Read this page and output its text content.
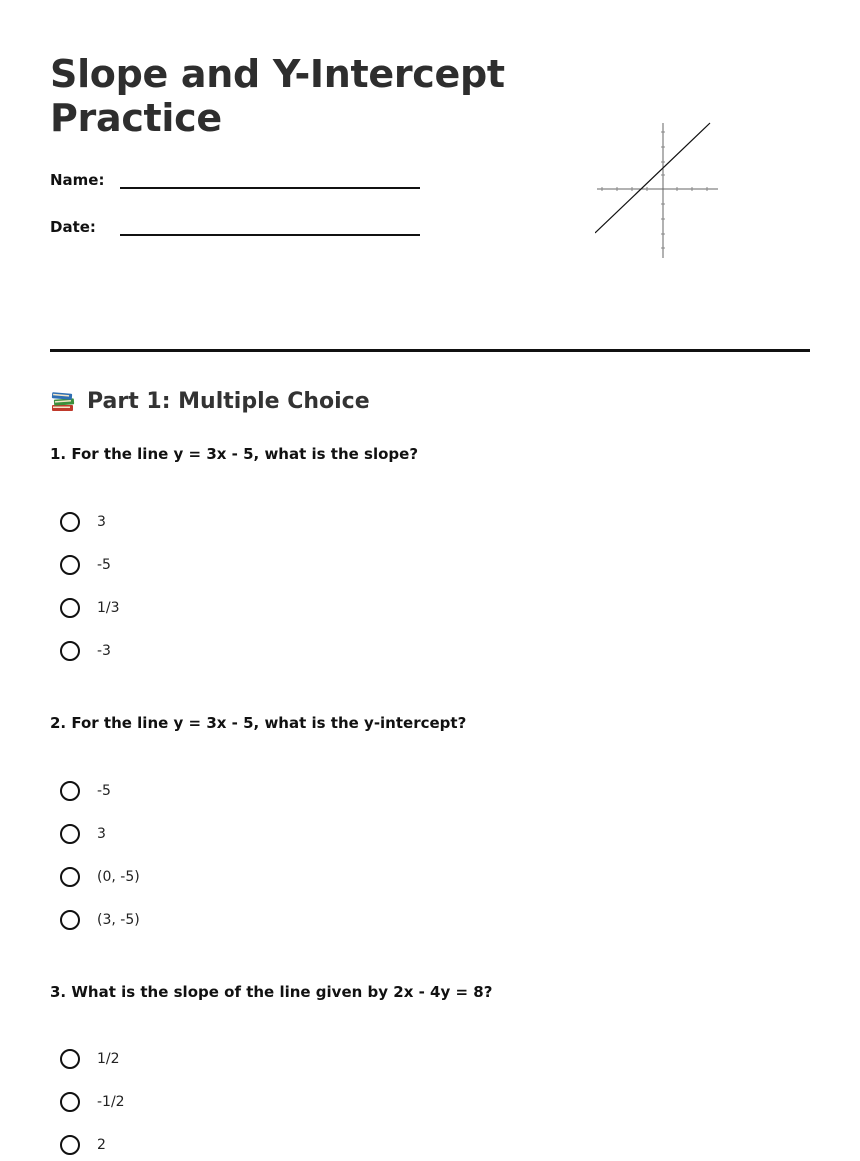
Slope and Y-Intercept
Practice
Name:
Date:
Part 1: Multiple Choice

1. For the line y = 3x - 5, what is the slope?

3
-5
1/3
-3

2. For the line y = 3x - 5, what is the y-intercept?

-5
3
(0, -5)
(3, -5)

3. What is the slope of the line given by 2x - 4y = 8?

1/2
-1/2
2
